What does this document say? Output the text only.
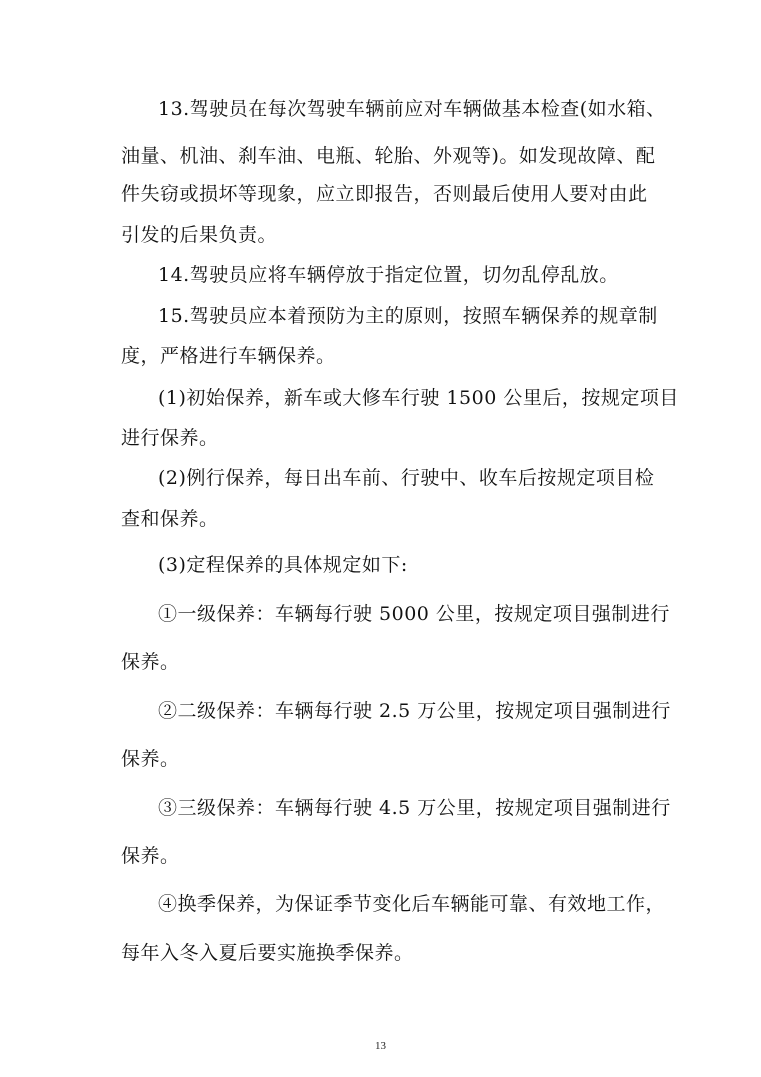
13.驾驶员在每次驾驶车辆前应对车辆做基本检查(如水箱、
油量、机油、刹车油、电瓶、轮胎、外观等)。如发现故障、配
件失窃或损坏等现象，应立即报告，否则最后使用人要对由此
引发的后果负责。
14.驾驶员应将车辆停放于指定位置，切勿乱停乱放。
15.驾驶员应本着预防为主的原则，按照车辆保养的规章制
度，严格进行车辆保养。
(1)初始保养，新车或大修车行驶 1500 公里后，按规定项目
进行保养。
(2)例行保养，每日出车前、行驶中、收车后按规定项目检
查和保养。
(3)定程保养的具体规定如下:
①一级保养：车辆每行驶 5000 公里，按规定项目强制进行
保养。
②二级保养：车辆每行驶 2.5 万公里，按规定项目强制进行
保养。
③三级保养：车辆每行驶 4.5 万公里，按规定项目强制进行
保养。
④换季保养，为保证季节变化后车辆能可靠、有效地工作，
每年入冬入夏后要实施换季保养。
13
